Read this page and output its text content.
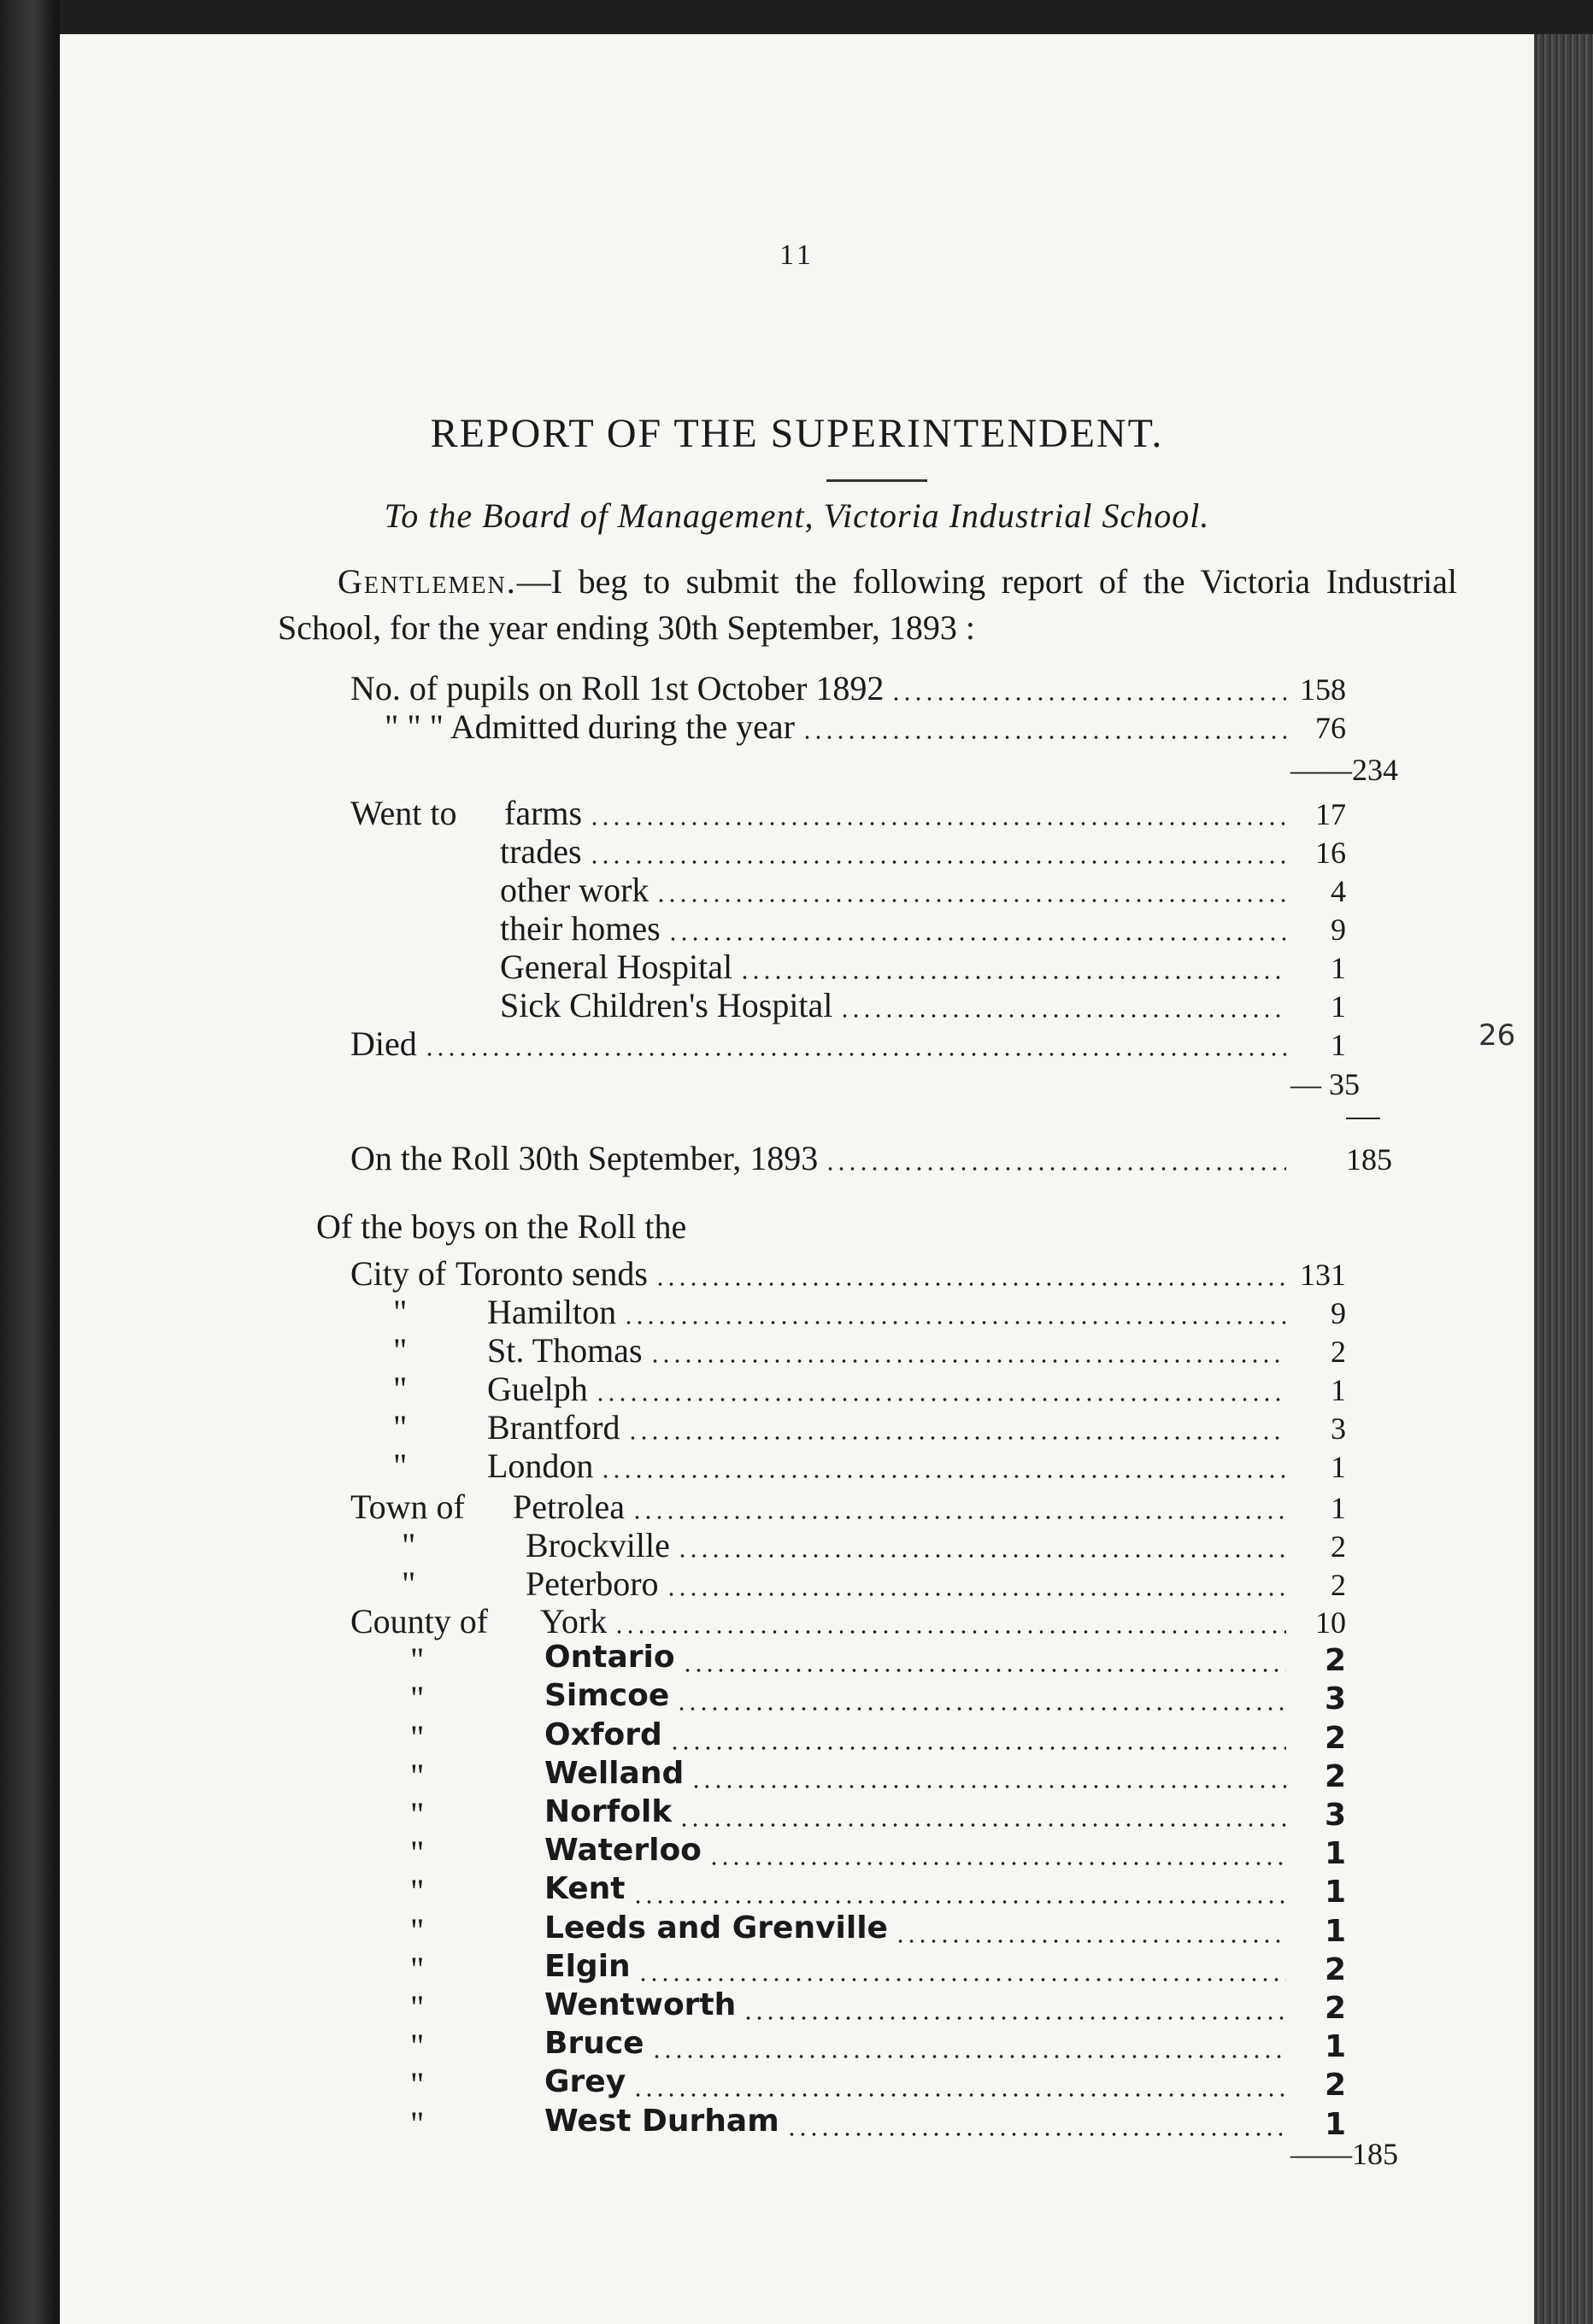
11
REPORT OF THE SUPERINTENDENT.
To the Board of Management, Victoria Industrial School.
Gentlemen.—I beg to submit the following report of the Victoria Industrial School, for the year ending 30th September, 1893 :
No. of pupils on Roll 1st October 1892	158
" " " Admitted during the year	76
——234
Went to farms	17
trades	16
other work	4
their homes	9
General Hospital	1
Sick Children's Hospital	1
Died	1
— 35
On the Roll 30th September, 1893	185
Of the boys on the Roll the
City of Toronto sends	131
" Hamilton	9
" St. Thomas	2
" Guelph	1
" Brantford	3
" London	1
Town of Petrolea	1
"	Brockville	2
"	Peterboro	2
County of York	10
"	Ontario	2
"	Simcoe	3
"	Oxford	2
"	Welland	2
"	Norfolk	3
"	Waterloo	1
"	Kent	1
"	Leeds and Grenville	1
"	Elgin	2
"	Wentworth	2
"	Bruce	1
"	Grey	2
"	West Durham	1
——185
26
